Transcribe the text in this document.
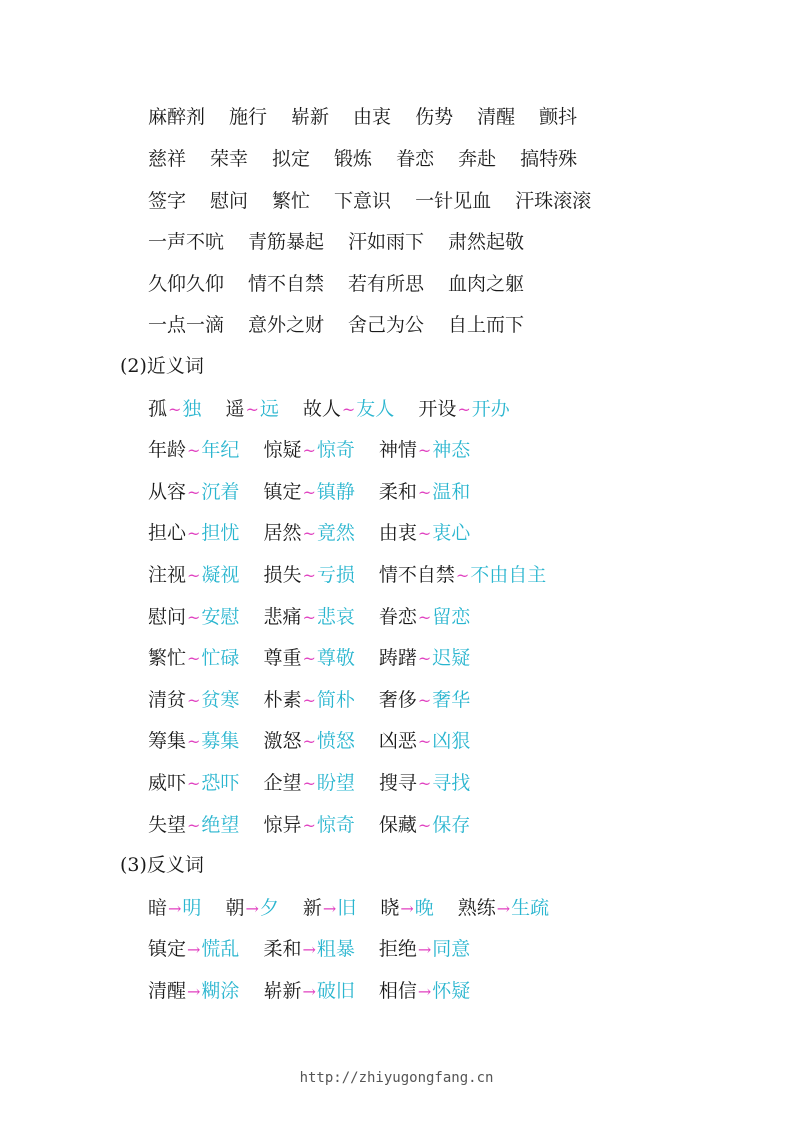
麻醉剂 施行 崭新 由衷 伤势 清醒 颤抖
慈祥 荣幸 拟定 锻炼 眷恋 奔赴 搞特殊
签字 慰问 繁忙 下意识 一针见血 汗珠滚滚
一声不吭 青筋暴起 汗如雨下 肃然起敬
久仰久仰 情不自禁 若有所思 血肉之躯
一点一滴 意外之财 舍己为公 自上而下
(2)近义词
孤~独 遥~远 故人~友人 开设~开办
年龄~年纪 惊疑~惊奇 神情~神态
从容~沉着 镇定~镇静 柔和~温和
担心~担忧 居然~竟然 由衷~衷心
注视~凝视 损失~亏损 情不自禁~不由自主
慰问~安慰 悲痛~悲哀 眷恋~留恋
繁忙~忙碌 尊重~尊敬 踌躇~迟疑
清贫~贫寒 朴素~简朴 奢侈~奢华
筹集~募集 激怒~愤怒 凶恶~凶狠
威吓~恐吓 企望~盼望 搜寻~寻找
失望~绝望 惊异~惊奇 保藏~保存
(3)反义词
暗→明 朝→夕 新→旧 晓→晚 熟练→生疏
镇定→慌乱 柔和→粗暴 拒绝→同意
清醒→糊涂 崭新→破旧 相信→怀疑
http://zhiyugongfang.cn
